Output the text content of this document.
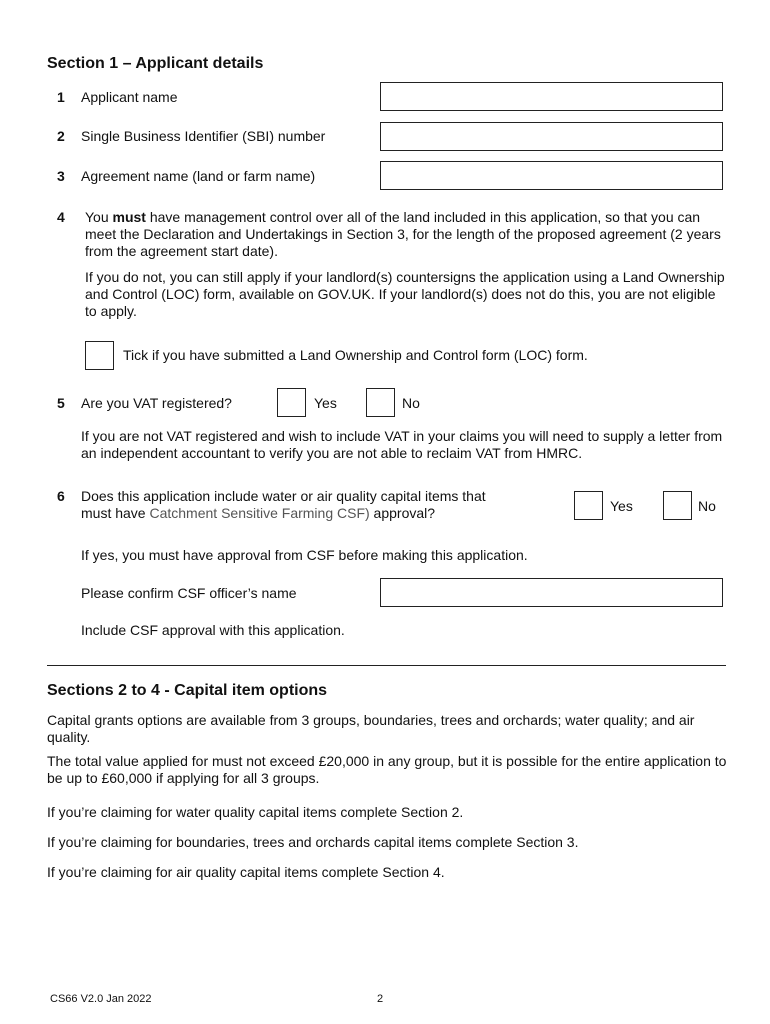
Section 1 – Applicant details
1 Applicant name
2 Single Business Identifier (SBI) number
3 Agreement name (land or farm name)
4 You must have management control over all of the land included in this application, so that you can meet the Declaration and Undertakings in Section 3, for the length of the proposed agreement (2 years from the agreement start date).
If you do not, you can still apply if your landlord(s) countersigns the application using a Land Ownership and Control (LOC) form, available on GOV.UK. If your landlord(s) does not do this, you are not eligible to apply.
Tick if you have submitted a Land Ownership and Control form (LOC) form.
5 Are you VAT registered?	Yes	No
If you are not VAT registered and wish to include VAT in your claims you will need to supply a letter from an independent accountant to verify you are not able to reclaim VAT from HMRC.
6 Does this application include water or air quality capital items that
must have Catchment Sensitive Farming CSF) approval?	Yes	No
If yes, you must have approval from CSF before making this application.
Please confirm CSF officer’s name
Include CSF approval with this application.
Sections 2 to 4 - Capital item options
Capital grants options are available from 3 groups, boundaries, trees and orchards; water quality; and air quality.
The total value applied for must not exceed £20,000 in any group, but it is possible for the entire application to be up to £60,000 if applying for all 3 groups.
If you’re claiming for water quality capital items complete Section 2.
If you’re claiming for boundaries, trees and orchards capital items complete Section 3.
If you’re claiming for air quality capital items complete Section 4.
CS66 V2.0 Jan 2022	2
